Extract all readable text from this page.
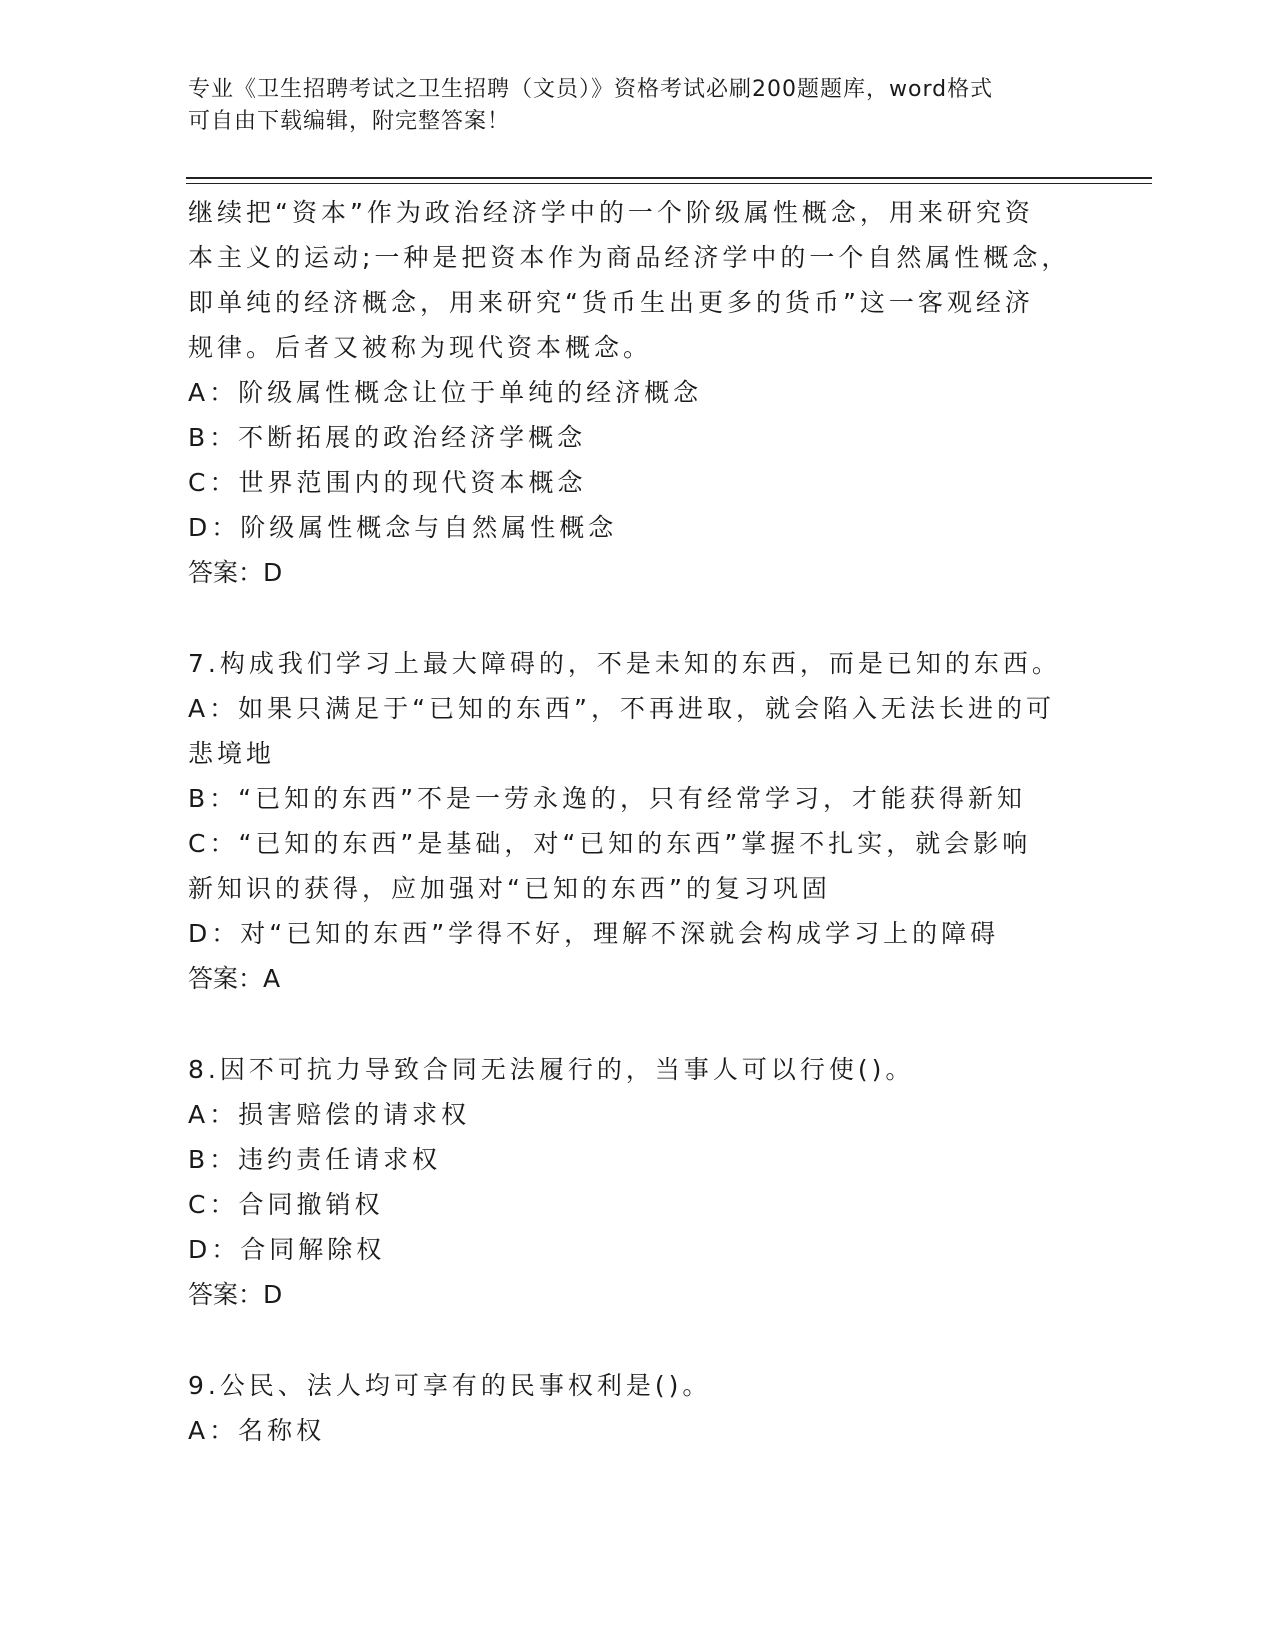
专业《卫生招聘考试之卫生招聘（文员）》资格考试必刷200题题库，word格式
可自由下载编辑，附完整答案！
继续把“资本”作为政治经济学中的一个阶级属性概念，用来研究资
本主义的运动;一种是把资本作为商品经济学中的一个自然属性概念，
即单纯的经济概念，用来研究“货币生出更多的货币”这一客观经济
规律。后者又被称为现代资本概念。
A：阶级属性概念让位于单纯的经济概念
B：不断拓展的政治经济学概念
C：世界范围内的现代资本概念
D：阶级属性概念与自然属性概念
答案：D
7.构成我们学习上最大障碍的，不是未知的东西，而是已知的东西。
A：如果只满足于“已知的东西”，不再进取，就会陷入无法长进的可
悲境地
B：“已知的东西”不是一劳永逸的，只有经常学习，才能获得新知
C：“已知的东西”是基础，对“已知的东西”掌握不扎实，就会影响
新知识的获得，应加强对“已知的东西”的复习巩固
D：对“已知的东西”学得不好，理解不深就会构成学习上的障碍
答案：A
8.因不可抗力导致合同无法履行的，当事人可以行使()。
A：损害赔偿的请求权
B：违约责任请求权
C：合同撤销权
D：合同解除权
答案：D
9.公民、法人均可享有的民事权利是()。
A：名称权
